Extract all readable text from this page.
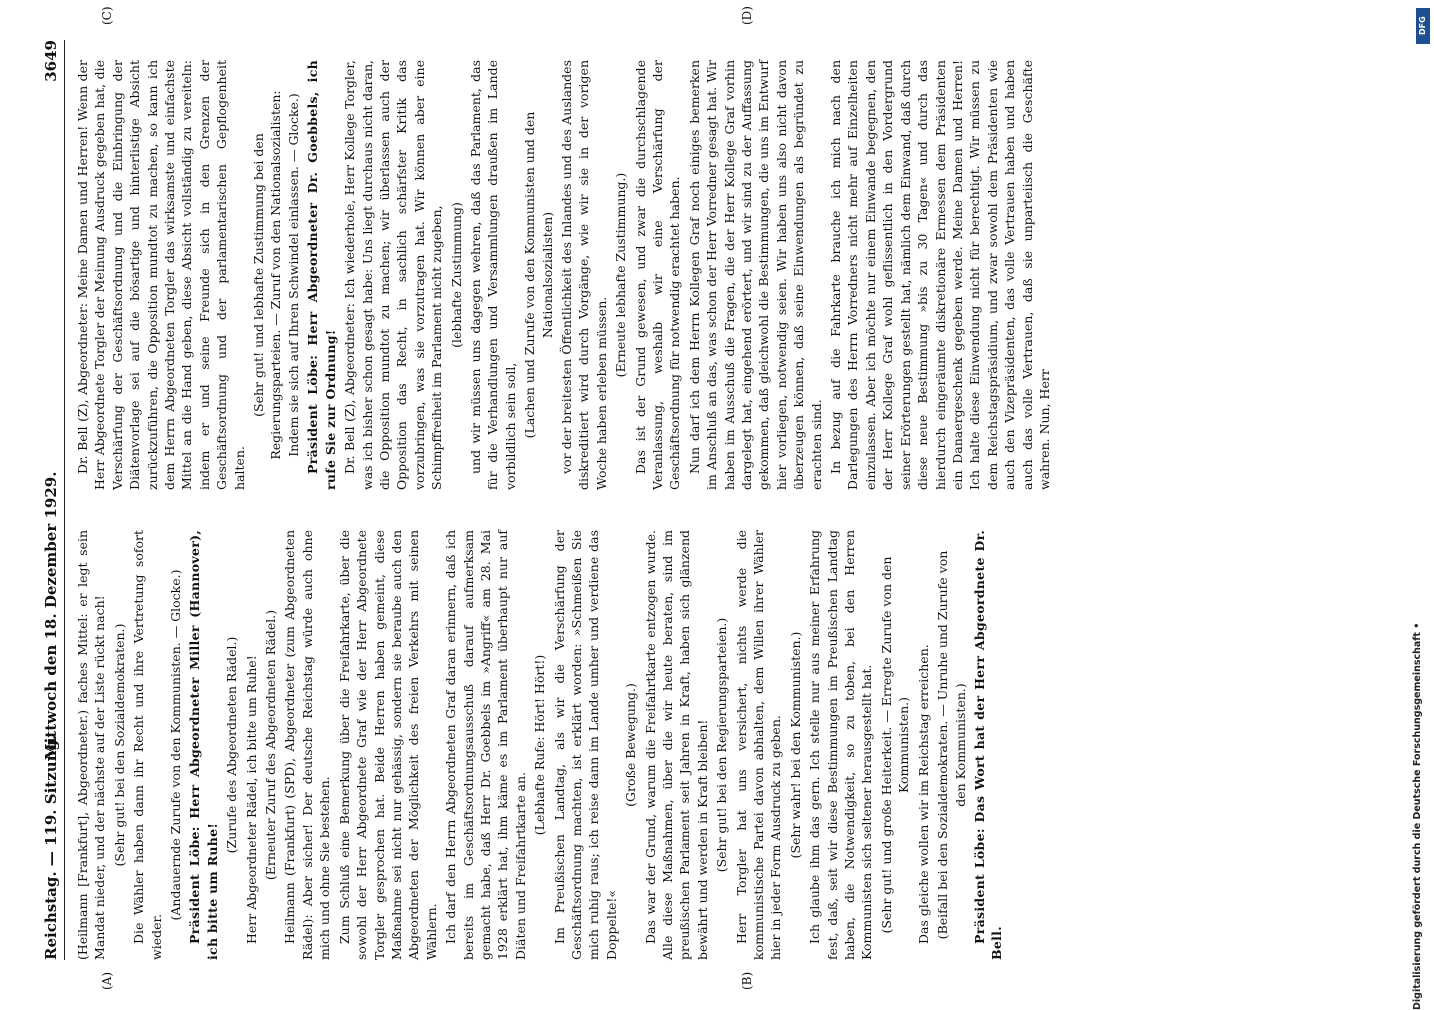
Reichstag. — 119. Sitzung.
Mittwoch den 18. Dezember 1929.
3649

(Heilmann [Frankfurt], Abgeordneter.) faches Mittel: er legt sein Mandat nieder, und der nächste auf der Liste rückt nach! (Sehr gut! bei den Sozialdemokraten.) Die Wähler haben dann ihr Recht und ihre Vertretung sofort wieder.

(Andauernde Zurufe von den Kommunisten. — Glocke.) Präsident Löbe: Herr Abgeordneter Miller (Hannover), ich bitte um Ruhe!

(Zurufe des Abgeordneten Rädel.) Herr Abgeordneter Rädel, ich bitte um Ruhe! (Erneuter Zuruf des Abgeordneten Rädel.) Heilmann (Frankfurt) (SPD), Abgeordneter (zum Abgeordneten Rädel): Aber sicher! Der deutsche Reichstag würde auch ohne mich und ohne Sie bestehen. Zum Schluß eine Bemerkung über die Freifahrkarte, über die sowohl der Herr Abgeordnete Graf wie der Herr Abgeordnete Torgler gesprochen hat. Beide Herren haben gemeint, diese Maßnahme sei nicht nur gehässig, sondern sie beraube auch den Abgeordneten der Möglichkeit des freien Verkehrs mit seinen Wählern. Ich darf den Herrn Abgeordneten Graf daran erinnern, daß ich bereits im Geschäftsordnungsausschuß darauf aufmerksam gemacht habe, daß Herr Dr. Goebbels im »Angriff« am 28. Mai 1928 erklärt hat, ihm käme es im Parlament überhaupt nur auf Diäten und Freifahrtkarte an.

(Lebhafte Rufe: Hört! Hört!) Im Preußischen Landtag, als wir die Verschärfung der Geschäftsordnung machten, ist erklärt worden: »Schmeißen Sie mich ruhig raus; ich reise dann im Lande umher und verdiene das Doppelte!«

(Große Bewegung.) Das war der Grund, warum die Freifahrtkarte entzogen wurde. Alle diese Maßnahmen, über die wir heute beraten, sind im preußischen Parlament seit Jahren in Kraft, haben sich glänzend bewährt und werden in Kraft bleiben! (Sehr gut! bei den Regierungsparteien.) Herr Torgler hat uns versichert, nichts werde die kommunistische Partei davon abhalten, dem Willen ihrer Wähler hier in jeder Form Ausdruck zu geben. (Sehr wahr! bei den Kommunisten.) Ich glaube ihm das gern. Ich stelle nur aus meiner Erfahrung fest, daß, seit wir diese Bestimmungen im Preußischen Landtag haben, die Notwendigkeit, so zu toben, bei den Herren Kommunisten sich seltener herausgestellt hat. (Sehr gut! und große Heiterkeit. — Erregte Zurufe von den Kommunisten.) Das gleiche wollen wir im Reichstag erreichen. (Beifall bei den Sozialdemokraten. — Unruhe und Zurufe von den Kommunisten.) Präsident Löbe: Das Wort hat der Herr Abgeordnete Dr. Bell.

Dr. Bell (Z), Abgeordneter: Meine Damen und Herren! Wenn der Herr Abgeordnete Torgler der Meinung Ausdruck gegeben hat, die Verschärfung der Geschäftsordnung und die Einbringung der Diätenvorlage sei auf die bösartige und hinterlistige Absicht zurückzuführen, die Opposition mundtot zu machen, so kann ich dem Herrn Abgeordneten Torgler das wirksamste und einfachste Mittel an die Hand geben, diese Absicht vollständig zu vereiteln: indem er und seine Freunde sich in den Grenzen der Geschäftsordnung und der parlamentarischen Gepflogenheit halten.

(Sehr gut! und lebhafte Zustimmung bei den Regierungsparteien. — Zuruf von den Nationalsozialisten: Indem sie sich auf Ihren Schwindel einlassen. — Glocke.) Präsident Löbe: Herr Abgeordneter Dr. Goebbels, ich rufe Sie zur Ordnung! Dr. Bell (Z), Abgeordneter: Ich wiederhole, Herr Kollege Torgler, was ich bisher schon gesagt habe: Uns liegt durchaus nicht daran, die Opposition mundtot zu machen; wir überlassen auch der Opposition das Recht, in sachlich schärfster Kritik das vorzubringen, was sie vorzutragen hat. Wir können aber eine Schimpffreiheit im Parlament nicht zugeben, (lebhafte Zustimmung) und wir müssen uns dagegen wehren, daß das Parlament, das für die Verhandlungen und Versammlungen draußen im Lande vorbildlich sein soll, (Lachen und Zurufe von den Kommunisten und den Nationalsozialisten) vor der breitesten Öffentlichkeit des Inlandes und des Auslandes diskreditiert wird durch Vorgänge, wie wir sie in der vorigen Woche haben erleben müssen.

(Erneute lebhafte Zustimmung.) Das ist der Grund gewesen, und zwar die durchschlagende Veranlassung, weshalb wir eine Verschärfung der Geschäftsordnung für notwendig erachtet haben. Nun darf ich dem Herrn Kollegen Graf noch einiges bemerken im Anschluß an das, was schon der Herr Vorredner gesagt hat. Wir haben im Ausschuß die Fragen, die der Herr Kollege Graf vorhin dargelegt hat, eingehend erörtert, und wir sind zu der Auffassung gekommen, daß gleichwohl die Bestimmungen, die uns im Entwurf hier vorliegen, notwendig seien. Wir haben uns also nicht davon überzeugen können, daß seine Einwendungen als begründet zu erachten sind. In bezug auf die Fahrkarte brauche ich mich nach den Darlegungen des Herrn Vorredners nicht mehr auf Einzelheiten einzulassen. Aber ich möchte nur einem Einwande begegnen, den der Herr Kollege Graf wohl geflissentlich in den Vordergrund seiner Erörterungen gestellt hat, nämlich dem Einwand, daß durch diese neue Bestimmung »bis zu 30 Tagen« und durch das hierdurch eingeräumte diskretionäre Ermessen dem Präsidenten ein Danaergeschenk gegeben werde. Meine Damen und Herren! Ich halte diese Einwendung nicht für berechtigt. Wir müssen zu dem Reichstagspräsidium, und zwar sowohl dem Präsidenten wie auch den Vizepräsidenten, das volle Vertrauen haben und haben auch das volle Vertrauen, daß sie unparteiisch die Geschäfte wahren. Nun, Herr

(A)	(B)
(C)	(D)
DFG
Digitalisierung gefördert durch die Deutsche Forschungsgemeinschaft •
